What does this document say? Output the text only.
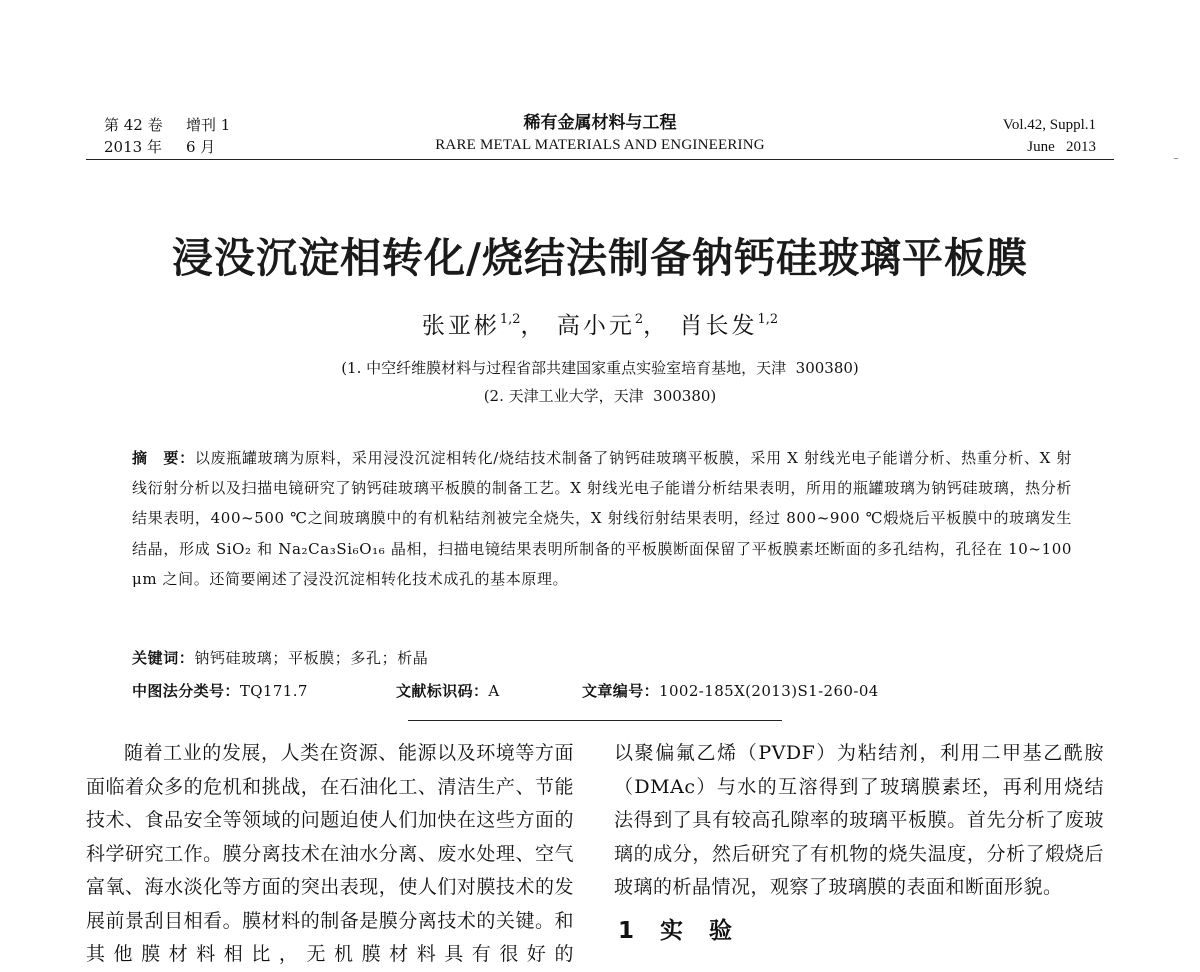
第 42 卷 增刊 1
2013 年 6 月
稀有金属材料与工程
RARE METAL MATERIALS AND ENGINEERING
Vol.42, Suppl.1
June   2013
浸没沉淀相转化/烧结法制备钠钙硅玻璃平板膜
张亚彬$^{1,2}$， 高小元$^2$， 肖长发$^{1,2}$
(1. 中空纤维膜材料与过程省部共建国家重点实验室培育基地，天津  300380)
(2. 天津工业大学，天津  300380)
摘　要：以废瓶罐玻璃为原料，采用浸没沉淀相转化/烧结技术制备了钠钙硅玻璃平板膜，采用 X 射线光电子能谱分析、热重分析、X 射线衍射分析以及扫描电镜研究了钠钙硅玻璃平板膜的制备工艺。X 射线光电子能谱分析结果表明，所用的瓶罐玻璃为钠钙硅玻璃，热分析结果表明，400~500 ℃之间玻璃膜中的有机粘结剂被完全烧失，X 射线衍射结果表明，经过 800~900 ℃煅烧后平板膜中的玻璃发生结晶，形成 SiO₂ 和 Na₂Ca₃Si₆O₁₆ 晶相，扫描电镜结果表明所制备的平板膜断面保留了平板膜素坯断面的多孔结构，孔径在 10~100 μm 之间。还简要阐述了浸没沉淀相转化技术成孔的基本原理。
关键词：钠钙硅玻璃；平板膜；多孔；析晶
中图法分类号：TQ171.7	文献标识码：A	文章编号：1002-185X(2013)S1-260-04

随着工业的发展，人类在资源、能源以及环境等方面面临着众多的危机和挑战，在石油化工、清洁生产、节能技术、食品安全等领域的问题迫使人们加快在这些方面的科学研究工作。膜分离技术在油水分离、废水处理、空气富氧、海水淡化等方面的突出表现，使人们对膜技术的发展前景刮目相看。膜材料的制备是膜分离技术的关键。和其他膜材料相比，无机膜材料具有很好的

以聚偏氟乙烯（PVDF）为粘结剂，利用二甲基乙酰胺（DMAc）与水的互溶得到了玻璃膜素坯，再利用烧结法得到了具有较高孔隙率的玻璃平板膜。首先分析了废玻璃的成分，然后研究了有机物的烧失温度，分析了煅烧后玻璃的析晶情况，观察了玻璃膜的表面和断面形貌。

1 实 验
